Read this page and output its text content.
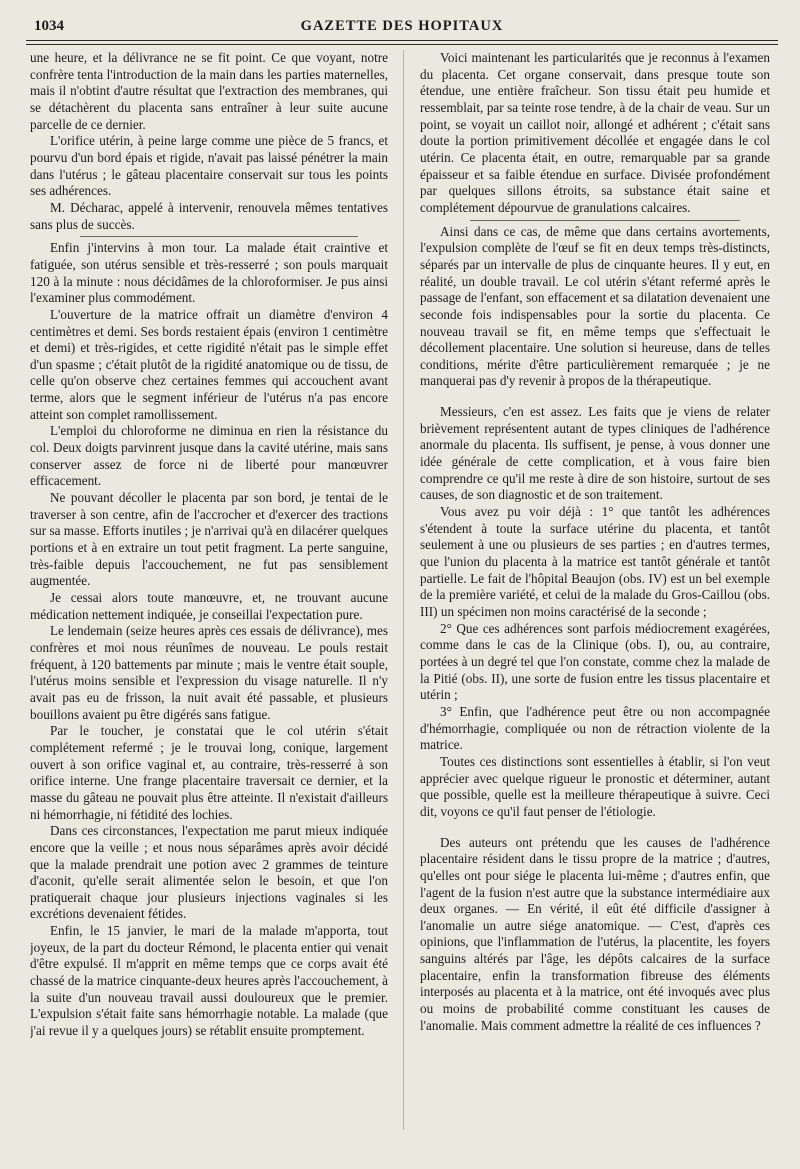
1034	GAZETTE DES HOPITAUX

une heure, et la délivrance ne se fit point. Ce que voyant, notre confrère tenta l'introduction de la main dans les parties maternelles, mais il n'obtint d'autre résultat que l'extraction des membranes, qui se détachèrent du placenta sans entraîner à leur suite aucune parcelle de ce dernier.

L'orifice utérin, à peine large comme une pièce de 5 francs, et pourvu d'un bord épais et rigide, n'avait pas laissé pénétrer la main dans l'utérus ; le gâteau placentaire conservait sur tous les points ses adhérences.

M. Décharac, appelé à intervenir, renouvela mêmes tentatives sans plus de succès.

Enfin j'intervins à mon tour. La malade était craintive et fatiguée, son utérus sensible et très-resserré ; son pouls marquait 120 à la minute : nous décidâmes de la chloroformiser. Je pus ainsi l'examiner plus commodément.

L'ouverture de la matrice offrait un diamètre d'environ 4 centimètres et demi. Ses bords restaient épais (environ 1 centimètre et demi) et très-rigides, et cette rigidité n'était pas le simple effet d'un spasme ; c'était plutôt de la rigidité anatomique ou de tissu, de celle qu'on observe chez certaines femmes qui accouchent avant terme, alors que le segment inférieur de l'utérus n'a pas encore atteint son complet ramollissement.

L'emploi du chloroforme ne diminua en rien la résistance du col. Deux doigts parvinrent jusque dans la cavité utérine, mais sans conserver assez de force ni de liberté pour manœuvrer efficacement.

Ne pouvant décoller le placenta par son bord, je tentai de le traverser à son centre, afin de l'accrocher et d'exercer des tractions sur sa masse. Efforts inutiles ; je n'arrivai qu'à en dilacérer quelques portions et à en extraire un tout petit fragment. La perte sanguine, très-faible depuis l'accouchement, ne fut pas sensiblement augmentée.

Je cessai alors toute manœuvre, et, ne trouvant aucune médication nettement indiquée, je conseillai l'expectation pure.

Le lendemain (seize heures après ces essais de délivrance), mes confrères et moi nous réunîmes de nouveau. Le pouls restait fréquent, à 120 battements par minute ; mais le ventre était souple, l'utérus moins sensible et l'expression du visage naturelle. Il n'y avait pas eu de frisson, la nuit avait été passable, et plusieurs bouillons avaient pu être digérés sans fatigue.

Par le toucher, je constatai que le col utérin s'était complétement refermé ; je le trouvai long, conique, largement ouvert à son orifice vaginal et, au contraire, très-resserré à son orifice interne. Une frange placentaire traversait ce dernier, et la masse du gâteau ne pouvait plus être atteinte. Il n'existait d'ailleurs ni hémorrhagie, ni fétidité des lochies.

Dans ces circonstances, l'expectation me parut mieux indiquée encore que la veille ; et nous nous séparâmes après avoir décidé que la malade prendrait une potion avec 2 grammes de teinture d'aconit, qu'elle serait alimentée selon le besoin, et que l'on pratiquerait chaque jour plusieurs injections vaginales si les excrétions devenaient fétides.

Enfin, le 15 janvier, le mari de la malade m'apporta, tout joyeux, de la part du docteur Rémond, le placenta entier qui venait d'être expulsé. Il m'apprit en même temps que ce corps avait été chassé de la matrice cinquante-deux heures après l'accouchement, à la suite d'un nouveau travail aussi douloureux que le premier. L'expulsion s'était faite sans hémorrhagie notable. La malade (que j'ai revue il y a quelques jours) se rétablit ensuite promptement.

Voici maintenant les particularités que je reconnus à l'examen du placenta. Cet organe conservait, dans presque toute son étendue, une entière fraîcheur. Son tissu était peu humide et ressemblait, par sa teinte rose tendre, à de la chair de veau. Sur un point, se voyait un caillot noir, allongé et adhérent ; c'était sans doute la portion primitivement décollée et engagée dans le col utérin. Ce placenta était, en outre, remarquable par sa grande épaisseur et sa faible étendue en surface. Divisée profondément par quelques sillons étroits, sa substance était saine et complétement dépourvue de granulations calcaires.

Ainsi dans ce cas, de même que dans certains avortements, l'expulsion complète de l'œuf se fit en deux temps très-distincts, séparés par un intervalle de plus de cinquante heures. Il y eut, en réalité, un double travail. Le col utérin s'étant refermé après le passage de l'enfant, son effacement et sa dilatation devenaient une seconde fois indispensables pour la sortie du placenta. Ce nouveau travail se fit, en même temps que s'effectuait le décollement placentaire. Une solution si heureuse, dans de telles conditions, mérite d'être particulièrement remarquée ; je ne manquerai pas d'y revenir à propos de la thérapeutique.

Messieurs, c'en est assez. Les faits que je viens de relater brièvement représentent autant de types cliniques de l'adhérence anormale du placenta. Ils suffisent, je pense, à vous donner une idée générale de cette complication, et à vous faire bien comprendre ce qu'il me reste à dire de son histoire, surtout de ses causes, de son diagnostic et de son traitement.

Vous avez pu voir déjà : 1° que tantôt les adhérences s'étendent à toute la surface utérine du placenta, et tantôt seulement à une ou plusieurs de ses parties ; en d'autres termes, que l'union du placenta à la matrice est tantôt générale et tantôt partielle. Le fait de l'hôpital Beaujon (obs. IV) est un bel exemple de la première variété, et celui de la malade du Gros-Caillou (obs. III) un spécimen non moins caractérisé de la seconde ;

2° Que ces adhérences sont parfois médiocrement exagérées, comme dans le cas de la Clinique (obs. I), ou, au contraire, portées à un degré tel que l'on constate, comme chez la malade de la Pitié (obs. II), une sorte de fusion entre les tissus placentaire et utérin ;

3° Enfin, que l'adhérence peut être ou non accompagnée d'hémorrhagie, compliquée ou non de rétraction violente de la matrice.

Toutes ces distinctions sont essentielles à établir, si l'on veut apprécier avec quelque rigueur le pronostic et déterminer, autant que possible, quelle est la meilleure thérapeutique à suivre. Ceci dit, voyons ce qu'il faut penser de l'étiologie.

Des auteurs ont prétendu que les causes de l'adhérence placentaire résident dans le tissu propre de la matrice ; d'autres, qu'elles ont pour siége le placenta lui-même ; d'autres enfin, que l'agent de la fusion n'est autre que la substance intermédiaire aux deux organes. — En vérité, il eût été difficile d'assigner à l'anomalie un autre siége anatomique. — C'est, d'après ces opinions, que l'inflammation de l'utérus, la placentite, les foyers sanguins altérés par l'âge, les dépôts calcaires de la surface placentaire, enfin la transformation fibreuse des éléments interposés au placenta et à la matrice, ont été invoqués avec plus ou moins de probabilité comme constituant les causes de l'anomalie. Mais comment admettre la réalité de ces influences ?
